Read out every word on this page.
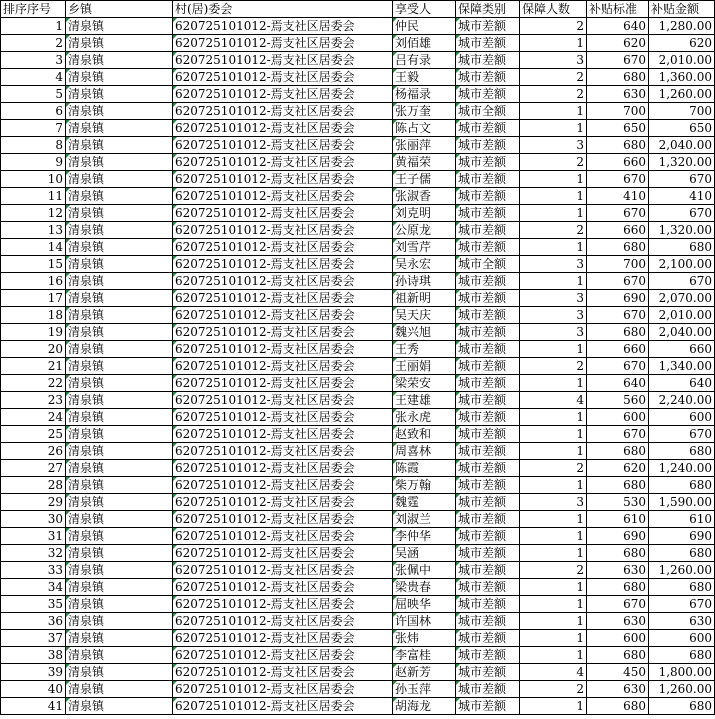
排序序号	乡镇	村(居)委会	享受人	保障类别	保障人数	补贴标准	补贴金额
1	清泉镇	620725101012-焉支社区居委会	仲民	城市差额	2	640	1,280.00
2	清泉镇	620725101012-焉支社区居委会	刘佰雄	城市差额	1	620	620
3	清泉镇	620725101012-焉支社区居委会	吕有录	城市差额	3	670	2,010.00
4	清泉镇	620725101012-焉支社区居委会	王毅	城市差额	2	680	1,360.00
5	清泉镇	620725101012-焉支社区居委会	杨福录	城市差额	2	630	1,260.00
6	清泉镇	620725101012-焉支社区居委会	张万奎	城市全额	1	700	700
7	清泉镇	620725101012-焉支社区居委会	陈占文	城市差额	1	650	650
8	清泉镇	620725101012-焉支社区居委会	张丽萍	城市差额	3	680	2,040.00
9	清泉镇	620725101012-焉支社区居委会	黄福荣	城市差额	2	660	1,320.00
10	清泉镇	620725101012-焉支社区居委会	王子儒	城市差额	1	670	670
11	清泉镇	620725101012-焉支社区居委会	张淑香	城市差额	1	410	410
12	清泉镇	620725101012-焉支社区居委会	刘克明	城市差额	1	670	670
13	清泉镇	620725101012-焉支社区居委会	公原龙	城市差额	2	660	1,320.00
14	清泉镇	620725101012-焉支社区居委会	刘雪芹	城市差额	1	680	680
15	清泉镇	620725101012-焉支社区居委会	吴永宏	城市全额	3	700	2,100.00
16	清泉镇	620725101012-焉支社区居委会	孙诗琪	城市差额	1	670	670
17	清泉镇	620725101012-焉支社区居委会	祖新明	城市差额	3	690	2,070.00
18	清泉镇	620725101012-焉支社区居委会	吴天庆	城市差额	3	670	2,010.00
19	清泉镇	620725101012-焉支社区居委会	魏兴旭	城市差额	3	680	2,040.00
20	清泉镇	620725101012-焉支社区居委会	王秀	城市差额	1	660	660
21	清泉镇	620725101012-焉支社区居委会	王丽娟	城市差额	2	670	1,340.00
22	清泉镇	620725101012-焉支社区居委会	梁荣安	城市差额	1	640	640
23	清泉镇	620725101012-焉支社区居委会	王建雄	城市差额	4	560	2,240.00
24	清泉镇	620725101012-焉支社区居委会	张永虎	城市差额	1	600	600
25	清泉镇	620725101012-焉支社区居委会	赵致和	城市差额	1	670	670
26	清泉镇	620725101012-焉支社区居委会	周喜林	城市差额	1	680	680
27	清泉镇	620725101012-焉支社区居委会	陈霞	城市差额	2	620	1,240.00
28	清泉镇	620725101012-焉支社区居委会	柴万翰	城市差额	1	680	680
29	清泉镇	620725101012-焉支社区居委会	魏霆	城市差额	3	530	1,590.00
30	清泉镇	620725101012-焉支社区居委会	刘淑兰	城市差额	1	610	610
31	清泉镇	620725101012-焉支社区居委会	李仲华	城市差额	1	690	690
32	清泉镇	620725101012-焉支社区居委会	吴涵	城市差额	1	680	680
33	清泉镇	620725101012-焉支社区居委会	张佩中	城市差额	2	630	1,260.00
34	清泉镇	620725101012-焉支社区居委会	梁贵春	城市差额	1	680	680
35	清泉镇	620725101012-焉支社区居委会	屈映华	城市差额	1	670	670
36	清泉镇	620725101012-焉支社区居委会	许国林	城市差额	1	630	630
37	清泉镇	620725101012-焉支社区居委会	张炜	城市差额	1	600	600
38	清泉镇	620725101012-焉支社区居委会	李富桂	城市差额	1	680	680
39	清泉镇	620725101012-焉支社区居委会	赵新芳	城市差额	4	450	1,800.00
40	清泉镇	620725101012-焉支社区居委会	孙玉萍	城市差额	2	630	1,260.00
41	清泉镇	620725101012-焉支社区居委会	胡海龙	城市差额	1	680	680
